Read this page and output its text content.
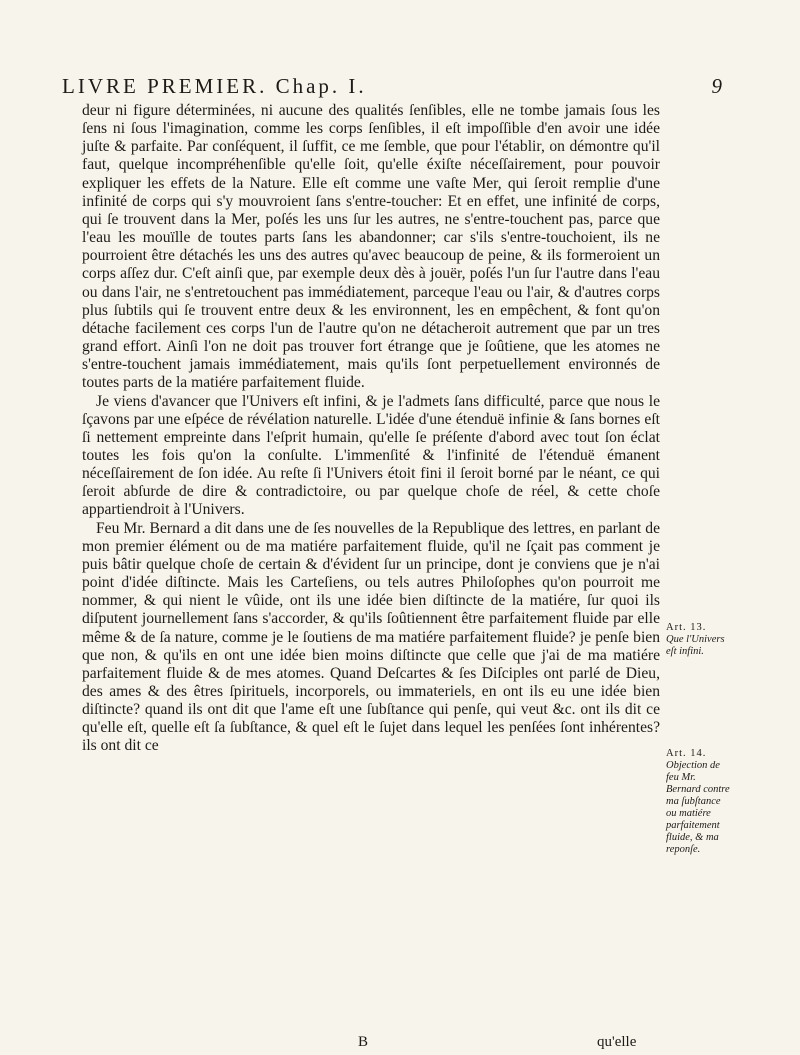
LIVRE PREMIER. Chap. I.	9

deur ni figure déterminées, ni aucune des qualités ſenſibles, elle ne tombe jamais ſous les ſens ni ſous l'imagination, comme les corps ſenſibles, il eſt impoſſible d'en avoir une idée juſte & parfaite. Par conſéquent, il ſuffit, ce me ſemble, que pour l'établir, on démontre qu'il faut, quelque incompréhenſible qu'elle ſoit, qu'elle éxiſte néceſſairement, pour pouvoir expliquer les effets de la Nature. Elle eſt comme une vaſte Mer, qui ſeroit remplie d'une infinité de corps qui s'y mouvroient ſans s'entre-toucher: Et en effet, une infinité de corps, qui ſe trouvent dans la Mer, poſés les uns ſur les autres, ne s'entre-touchent pas, parce que l'eau les mouïlle de toutes parts ſans les abandonner; car s'ils s'entre-touchoient, ils ne pourroient être détachés les uns des autres qu'avec beaucoup de peine, & ils formeroient un corps aſſez dur. C'eſt ainſi que, par exemple deux dès à jouër, poſés l'un ſur l'autre dans l'eau ou dans l'air, ne s'entretouchent pas immédiatement, parceque l'eau ou l'air, & d'autres corps plus ſubtils qui ſe trouvent entre deux & les environnent, les en empêchent, & font qu'on détache facilement ces corps l'un de l'autre qu'on ne détacheroit autrement que par un tres grand effort. Ainſi l'on ne doit pas trouver fort étrange que je ſoûtiene, que les atomes ne s'entre-touchent jamais immédiatement, mais qu'ils ſont perpetuellement environnés de toutes parts de la matiére parfaitement fluide.

Je viens d'avancer que l'Univers eſt infini, & je l'admets ſans difficulté, parce que nous le ſçavons par une eſpéce de révélation naturelle. L'idée d'une étenduë infinie & ſans bornes eſt ſi nettement empreinte dans l'eſprit humain, qu'elle ſe préſente d'abord avec tout ſon éclat toutes les fois qu'on la conſulte. L'immenſité & l'infinité de l'étenduë émanent néceſſairement de ſon idée. Au reſte ſi l'Univers étoit fini il ſeroit borné par le néant, ce qui ſeroit abſurde de dire & contradictoire, ou par quelque choſe de réel, & cette choſe appartiendroit à l'Univers.

Feu Mr. Bernard a dit dans une de ſes nouvelles de la Republique des lettres, en parlant de mon premier élément ou de ma matiére parfaitement fluide, qu'il ne ſçait pas comment je puis bâtir quelque choſe de certain & d'évident ſur un principe, dont je conviens que je n'ai point d'idée diſtincte. Mais les Carteſiens, ou tels autres Philoſophes qu'on pourroit me nommer, & qui nient le vûide, ont ils une idée bien diſtincte de la matiére, ſur quoi ils diſputent journellement ſans s'accorder, & qu'ils ſoûtiennent être parfaitement fluide par elle même & de ſa nature, comme je le ſoutiens de ma matiére parfaitement fluide? je penſe bien que non, & qu'ils en ont une idée bien moins diſtincte que celle que j'ai de ma matiére parfaitement fluide & de mes atomes. Quand Deſcartes & ſes Diſciples ont parlé de Dieu, des ames & des êtres ſpirituels, incorporels, ou immateriels, en ont ils eu une idée bien diſtincte? quand ils ont dit que l'ame eſt une ſubſtance qui penſe, qui veut &c. ont ils dit ce qu'elle eſt, quelle eſt ſa ſubſtance, & quel eſt le ſujet dans lequel les penſées ſont inhérentes? ils ont dit ce

Art. 13.
Que l'Univers eſt infini.
Art. 14.
Objection de feu Mr. Bernard contre ma ſubſtance ou matiére parfaitement fluide, & ma reponſe.
B	qu'elle
